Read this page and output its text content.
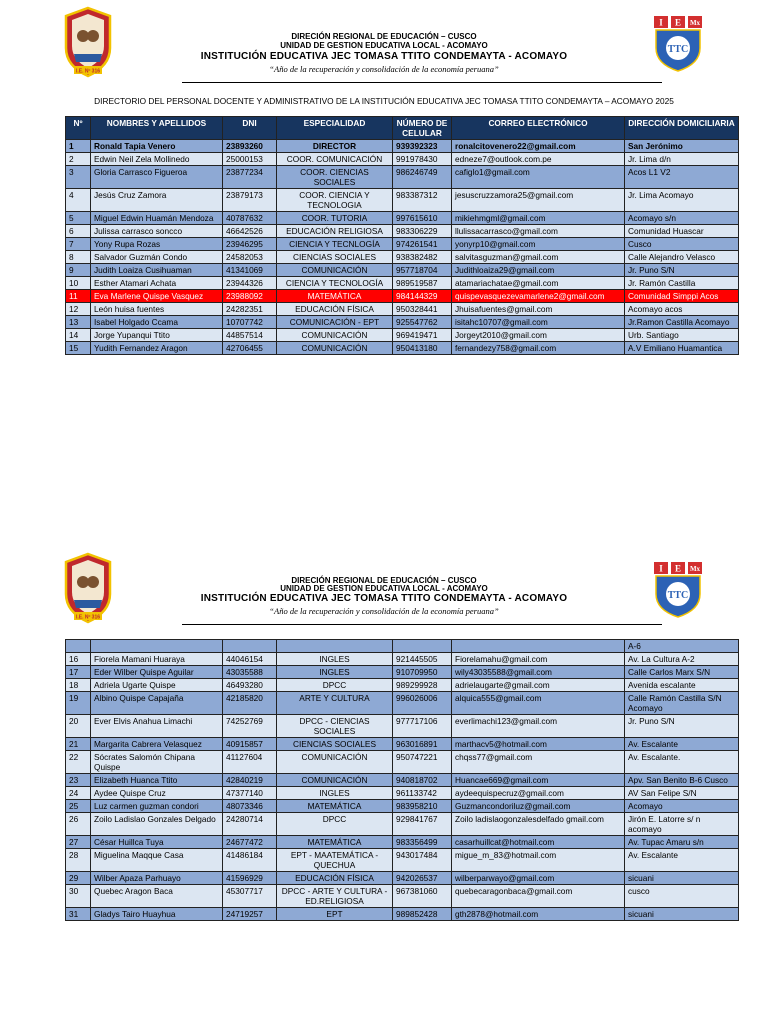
I.E. Nº 316
DIRECIÓN REGIONAL DE EDUCACIÓN – CUSCO
UNIDAD DE GESTION EDUCATIVA LOCAL - ACOMAYO
INSTITUCIÓN EDUCATIVA JEC TOMASA TTITO CONDEMAYTA - ACOMAYO
“Año de la recuperación y consolidación de la economía peruana”
I E Mx
TTC
DIRECTORIO DEL PERSONAL DOCENTE Y ADMINISTRATIVO DE LA INSTITUCIÓN EDUCATIVA JEC TOMASA TTITO CONDEMAYTA – ACOMAYO 2025
Nº	NOMBRES Y APELLIDOS	DNI	ESPECIALIDAD	NÚMERO DE CELULAR	CORREO ELECTRÓNICO	DIRECCIÓN DOMICILIARIA
1	Ronald Tapia Venero	23893260	DIRECTOR	939392323	ronalcitovenero22@gmail.com	San Jerónimo
2	Edwin Neil Zela Mollinedo	25000153	COOR. COMUNICACIÓN	991978430	edneze7@outlook.com.pe	Jr. Lima d/n
3	Gloria Carrasco Figueroa	23877234	COOR. CIENCIAS SOCIALES	986246749	cafiglo1@gmail.com	Acos L1 V2
4	Jesús Cruz Zamora	23879173	COOR. CIENCIA Y TECNOLOGIA	983387312	jesuscruzzamora25@gmail.com	Jr. Lima Acomayo
5	Miguel Edwin Huamán Mendoza	40787632	COOR. TUTORIA	997615610	mikiehmgml@gmail.com	Acomayo s/n
6	Julissa carrasco soncco	46642526	EDUCACIÓN RELIGIOSA	983306229	llulissacarrasco@gmail.com	Comunidad Huascar
7	Yony Rupa Rozas	23946295	CIENCIA Y TECNLOGÍA	974261541	yonyrp10@gmail.com	Cusco
8	Salvador Guzmán Condo	24582053	CIENCIAS SOCIALES	938382482	salvitasguzman@gmail.com	Calle Alejandro Velasco
9	Judith Loaiza Cusihuaman	41341069	COMUNICACIÓN	957718704	Judithloaiza29@gmail.com	Jr. Puno S/N
10	Esther Atamari Achata	23944326	CIENCIA Y TECNOLOGÍA	989519587	atamariachatae@gmail.com	Jr. Ramón Castilla
11	Eva Marlene Quispe Vasquez	23988092	MATEMÁTICA	984144329	quispevasquezevamarlene2@gmail.com	Comunidad Simppi Acos
12	León huisa fuentes	24282351	EDUCACIÓN FÍSICA	950328441	Jhuisafuentes@gmail.com	Acomayo acos
13	Isabel Holgado Ccama	10707742	COMUNICACIÓN - EPT	925547762	isitahc10707@gmail.com	Jr.Ramon Castilla Acomayo
14	Jorge Yupanqui Ttito	44857514	COMUNICACIÓN	969419471	Jorgeyt2010@gmail.com	Urb. Santiago
15	Yudith Fernandez Aragon	42706455	COMUNICACIÓN	950413180	fernandezy758@gmail.com	A.V Emiliano Huamantica
I.E. Nº 316
DIRECIÓN REGIONAL DE EDUCACIÓN – CUSCO
UNIDAD DE GESTION EDUCATIVA LOCAL - ACOMAYO
INSTITUCIÓN EDUCATIVA JEC TOMASA TTITO CONDEMAYTA - ACOMAYO
“Año de la recuperación y consolidación de la economía peruana”
I E Mx
TTC
						A-6
16	Fiorela Mamani Huaraya	44046154	INGLES	921445505	Fiorelamahu@gmail.com	Av. La Cultura A-2
17	Eder Wilber Quispe Aguilar	43035588	INGLES	910709950	wily43035588@gmail.com	Calle Carlos Marx S/N
18	Adriela Ugarte Quispe	46493280	DPCC	989299928	adrielaugarte@gmail.com	Avenida escalante
19	Albino Quispe Capajaña	42185820	ARTE Y CULTURA	996026006	alquica555@gmail.com	Calle Ramón Castilla S/N Acomayo
20	Ever Elvis Anahua Limachi	74252769	DPCC - CIENCIAS SOCIALES	977717106	everlimachi123@gmail.com	Jr. Puno S/N
21	Margarita Cabrera Velasquez	40915857	CIENCIAS SOCIALES	963016891	marthacv5@hotmail.com	Av. Escalante
22	Sócrates Salomón Chipana Quispe	41127604	COMUNICACIÓN	950747221	chqss77@gmail.com	Av. Escalante.
23	Elizabeth Huanca Ttito	42840219	COMUNICACIÓN	940818702	Huancae669@gmail.com	Apv. San Benito B-6 Cusco
24	Aydee Quispe Cruz	47377140	INGLES	961133742	aydeequispecruz@gmail.com	AV San Felipe S/N
25	Luz carmen guzman condori	48073346	MATEMÁTICA	983958210	Guzmancondoriluz@gmail.com	Acomayo
26	Zoilo Ladislao Gonzales Delgado	24280714	DPCC	929841767	Zoilo ladislaogonzalesdelfado gmail.com	Jirón E. Latorre s/ n acomayo
27	César Huillca Tuya	24677472	MATEMÁTICA	983356499	casarhuillcat@hotmail.com	Av. Tupac Amaru s/n
28	Miguelina Maqque Casa	41486184	EPT - MAATEMÁTICA - QUECHUA	943017484	migue_m_83@hotmail.com	Av. Escalante
29	Wilber Apaza Parhuayo	41596929	EDUCACIÓN FÍSICA	942026537	wilberparwayo@gmail.com	sicuani
30	Quebec Aragon Baca	45307717	DPCC - ARTE Y CULTURA - ED.RELIGIOSA	967381060	quebecaragonbaca@gmail.com	cusco
31	Gladys Tairo Huayhua	24719257	EPT	989852428	gth2878@hotmail.com	sicuani
